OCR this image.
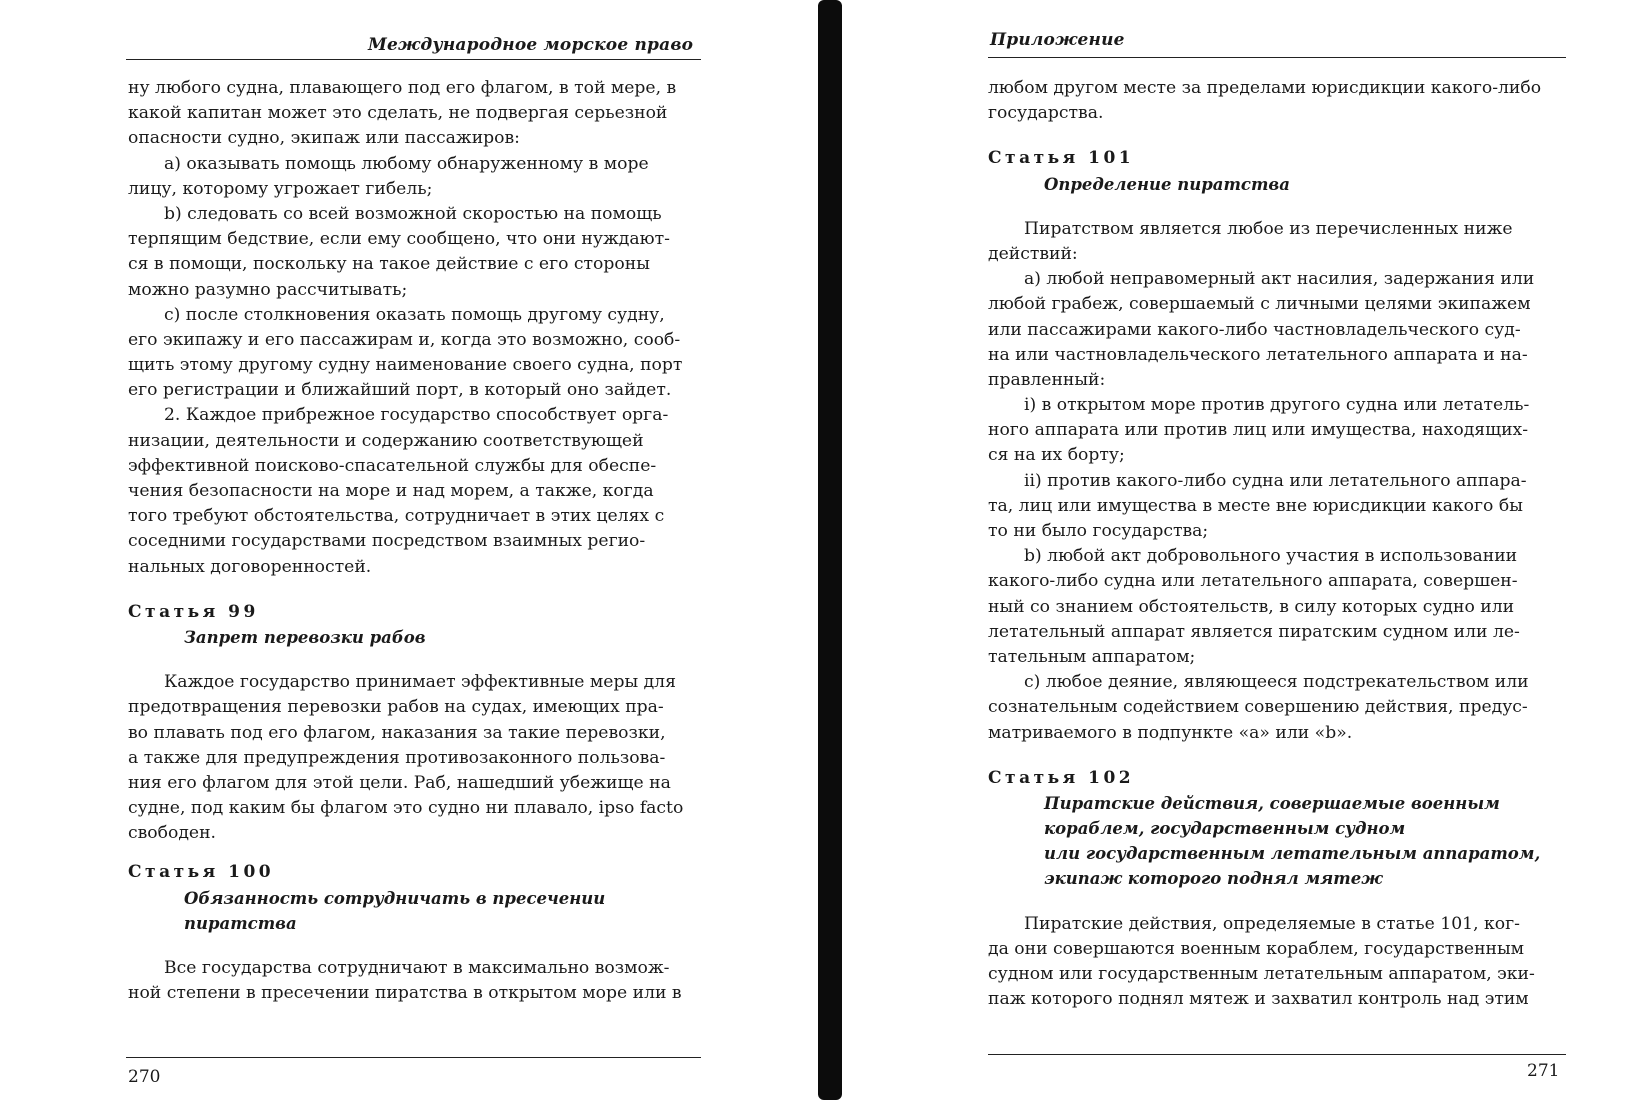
Международное морское право
ну любого судна, плавающего под его флагом, в той мере, в
какой капитан может это сделать, не подвергая серьезной
опасности судно, экипаж или пассажиров:
а) оказывать помощь любому обнаруженному в море
лицу, которому угрожает гибель;
b) следовать со всей возможной скоростью на помощь
терпящим бедствие, если ему сообщено, что они нуждают-
ся в помощи, поскольку на такое действие с его стороны
можно разумно рассчитывать;
с) после столкновения оказать помощь другому судну,
его экипажу и его пассажирам и, когда это возможно, сооб-
щить этому другому судну наименование своего судна, порт
его регистрации и ближайший порт, в который оно зайдет.
2. Каждое прибрежное государство способствует орга-
низации, деятельности и содержанию соответствующей
эффективной поисково-спасательной службы для обеспе-
чения безопасности на море и над морем, а также, когда
того требуют обстоятельства, сотрудничает в этих целях с
соседними государствами посредством взаимных регио-
нальных договоренностей.
Статья 99
Запрет перевозки рабов
Каждое государство принимает эффективные меры для
предотвращения перевозки рабов на судах, имеющих пра-
во плавать под его флагом, наказания за такие перевозки,
а также для предупреждения противозаконного пользова-
ния его флагом для этой цели. Раб, нашедший убежище на
судне, под каким бы флагом это судно ни плавало, ipso facto
свободен.
Статья 100
Обязанность сотрудничать в пресечении
пиратства
Все государства сотрудничают в максимально возмож-
ной степени в пресечении пиратства в открытом море или в
270
Приложение
любом другом месте за пределами юрисдикции какого-либо
государства.
Статья 101
Определение пиратства
Пиратством является любое из перечисленных ниже
действий:
a) любой неправомерный акт насилия, задержания или
любой грабеж, совершаемый с личными целями экипажем
или пассажирами какого-либо частновладельческого суд-
на или частновладельческого летательного аппарата и на-
правленный:
i) в открытом море против другого судна или летатель-
ного аппарата или против лиц или имущества, находящих-
ся на их борту;
ii) против какого-либо судна или летательного аппара-
та, лиц или имущества в месте вне юрисдикции какого бы
то ни было государства;
b) любой акт добровольного участия в использовании
какого-либо судна или летательного аппарата, совершен-
ный со знанием обстоятельств, в силу которых судно или
летательный аппарат является пиратским судном или ле-
тательным аппаратом;
c) любое деяние, являющееся подстрекательством или
сознательным содействием совершению действия, предус-
матриваемого в подпункте «а» или «b».
Статья 102
Пиратские действия, совершаемые военным
кораблем, государственным судном
или государственным летательным аппаратом,
экипаж которого поднял мятеж
Пиратские действия, определяемые в статье 101, ког-
да они совершаются военным кораблем, государственным
судном или государственным летательным аппаратом, эки-
паж которого поднял мятеж и захватил контроль над этим
271
